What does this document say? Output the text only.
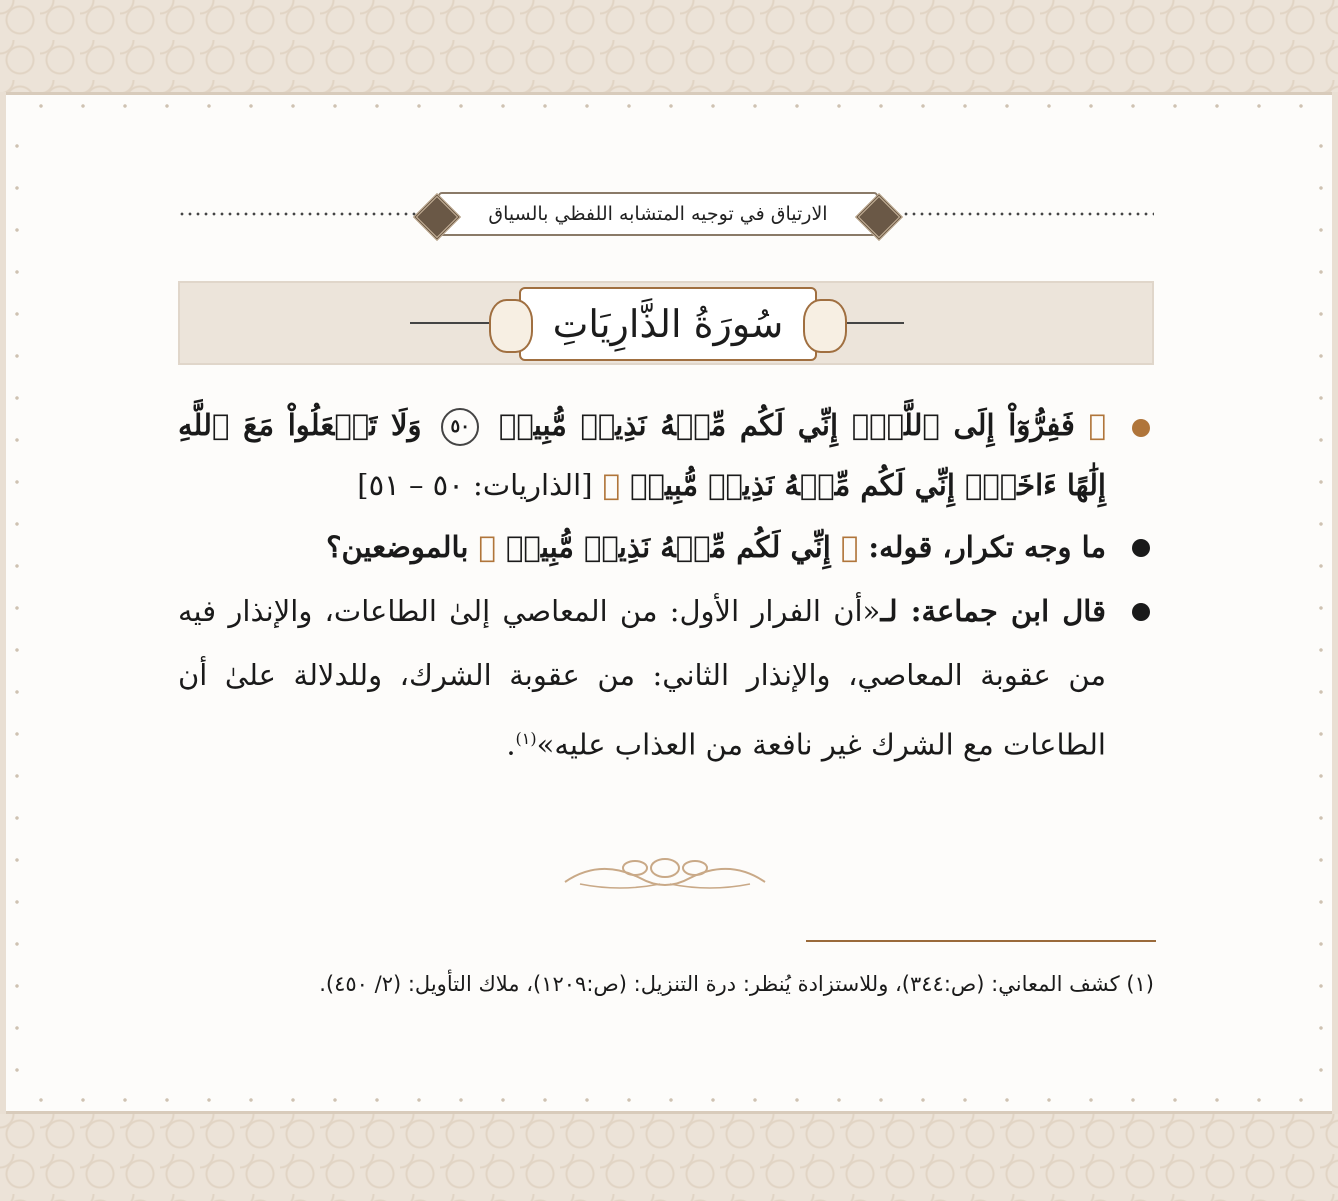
الارتياق في توجيه المتشابه اللفظي بالسياق
سُورَةُ الذَّارِيَاتِ
﴿ فَفِرُّوٓاْ إِلَى ٱللَّهِۖ إِنِّي لَكُم مِّنۡهُ نَذِيرٞ مُّبِينٞ ٥٠ وَلَا تَجۡعَلُواْ مَعَ ٱللَّهِ إِلَٰهًا ءَاخَرَۖ إِنِّي لَكُم مِّنۡهُ نَذِيرٞ مُّبِينٞ ﴾ [الذاريات: ٥٠ – ٥١]
ما وجه تكرار، قوله: ﴿ إِنِّي لَكُم مِّنۡهُ نَذِيرٞ مُّبِينٞ ﴾ بالموضعين؟
قال ابن جماعة: لـ«أن الفرار الأول: من المعاصي إلىٰ الطاعات، والإنذار فيه من عقوبة المعاصي، والإنذار الثاني: من عقوبة الشرك، وللدلالة علىٰ أن الطاعات مع الشرك غير نافعة من العذاب عليه»$^{(١)}$.
(١) كشف المعاني: (ص:٣٤٤)، وللاستزادة يُنظر: درة التنزيل: (ص:١٢٠٩)، ملاك التأويل: (٢/ ٤٥٠).
